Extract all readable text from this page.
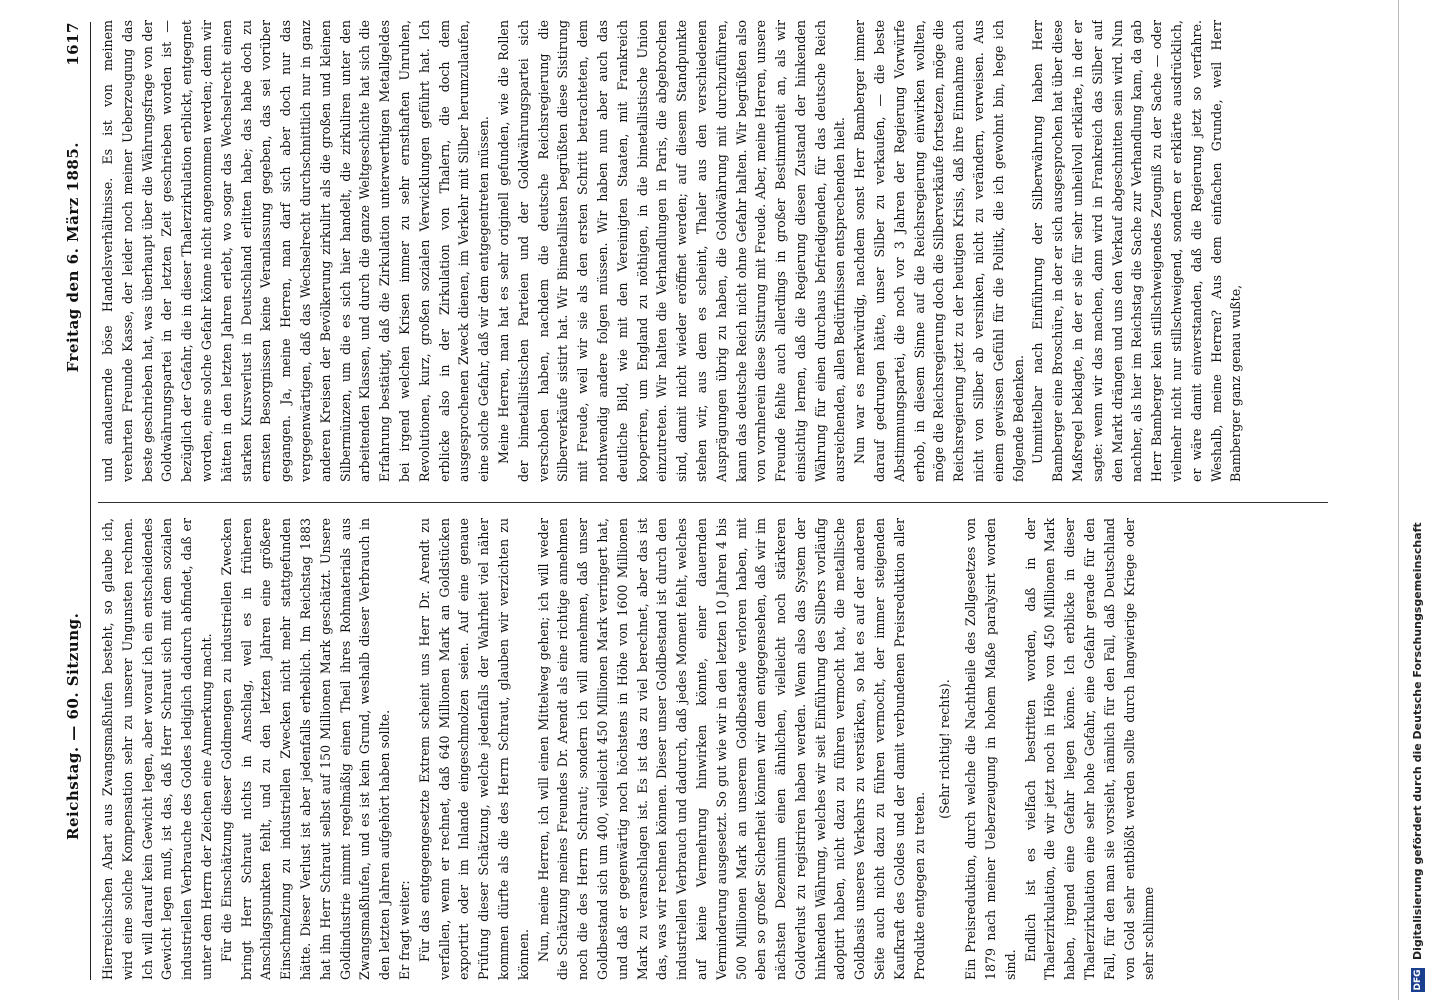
1617
Reichstag. — 60. Sitzung.
Freitag den 6. März 1885.

Hierreichischen Abart aus Zwangsmaßhufen besteht, so glaube ich, wird eine solche Kompensation sehr zu unserer Ungunsten rechnen. Ich will darauf kein Gewicht legen, aber worauf ich ein entscheidendes Gewicht legen muß, ist das, daß Herr Schraut sich mit dem sozialen industriellen Verbrauche des Goldes lediglich dadurch abfindet, daß er unter dem Herrn der Zeichen eine Anmerkung macht. Für die Einschätzung dieser Goldmengen zu industriellen Zwecken bringt Herr Schraut nichts in Anschlag, weil es in früheren Anschlagspunkten fehlt, und zu den letzten Jahren eine größere Einschmelzung zu industriellen Zwecken nicht mehr stattgefunden hätte. Dieser Verlust ist aber jedenfalls erheblich. Im Reichstag 1883 hat ihn Herr Schraut selbst auf 150 Millionen Mark geschätzt. Unsere Goldindustrie nimmt regelmäßig einen Theil ihres Rohmaterials aus Zwangsmaßhufen, und es ist kein Grund, weshalb dieser Verbrauch in den letzten Jahren aufgehört haben sollte. Er fragt weiter: Für das entgegengesetzte Extrem scheint uns Herr Dr. Arendt zu verfallen, wenn er rechnet, daß 640 Millionen Mark an Goldstücken exportirt oder im Inlande eingeschmolzen seien. Auf eine genaue Prüfung dieser Schätzung, welche jedenfalls der Wahrheit viel näher kommen dürfte als die des Herrn Schraut, glauben wir verzichten zu können. Nun, meine Herren, ich will einen Mittelweg gehen; ich will weder die Schätzung meines Freundes Dr. Arendt als eine richtige annehmen noch die des Herrn Schraut; sondern ich will annehmen, daß unser Goldbestand sich um 400, vielleicht 450 Millionen Mark verringert hat, und daß er gegenwärtig noch höchstens in Höhe von 1600 Millionen Mark zu veranschlagen ist. Es ist das zu viel berechnet, aber das ist das, was wir rechnen können. Dieser unser Goldbestand ist durch den industriellen Verbrauch und dadurch, daß jedes Moment fehlt, welches auf keine Vermehrung hinwirken könnte, einer dauernden Verminderung ausgesetzt. So gut wie wir in den letzten 10 Jahren 4 bis 500 Millionen Mark an unserem Goldbestande verloren haben, mit eben so großer Sicherheit können wir dem entgegensehen, daß wir im nächsten Dezennium einen ähnlichen, vielleicht noch stärkeren Goldverlust zu registriren haben werden. Wenn also das System der hinkenden Währung, welches wir seit Einführung des Silbers vorläufig adoptirt haben, nicht dazu zu führen vermocht hat, die metallische Goldbasis unseres Verkehrs zu verstärken, so hat es auf der anderen Seite auch nicht dazu zu führen vermocht, der immer steigenden Kaufkraft des Goldes und der damit verbundenen Preisreduktion aller Produkte entgegen zu treten.

(Sehr richtig! rechts). Ein Preisreduktion, durch welche die Nachtheile des Zollgesetzes von 1879 nach meiner Ueberzeugung in hohem Maße paralysirt worden sind.

Endlich ist es vielfach bestritten worden, daß in der Thalerzirkulation, die wir jetzt noch in Höhe von 450 Millionen Mark haben, irgend eine Gefahr liegen könne. Ich erblicke in dieser Thalerzirkulation eine sehr hohe Gefahr, eine Gefahr gerade für den Fall, für den man sie vorsieht, nämlich für den Fall, daß Deutschland von Gold sehr entblößt werden sollte durch langwierige Kriege oder sehr schlimme

und andauernde böse Handelsverhältnisse. Es ist von meinem verehrten Freunde Kasse, der leider noch meiner Ueberzeugung das beste geschrieben hat, was überhaupt über die Währungsfrage von der Goldwährungspartei in der letzten Zeit geschrieben worden ist — bezüglich der Gefahr, die in dieser Thalerzirkulation erblickt, entgegnet worden, eine solche Gefahr könne nicht angenommen werden; denn wir hätten in den letzten Jahren erlebt, wo sogar das Wechselrecht einen starken Kursverlust in Deutschland erlitten habe; das habe doch zu ernsten Besorgnissen keine Veranlassung gegeben, das sei vorüber gegangen. Ja, meine Herren, man darf sich aber doch nur das vergegenwärtigen, daß das Wechselrecht durchschnittlich nur in ganz anderen Kreisen der Bevölkerung zirkulirt als die großen und kleinen Silbermünzen, um die es sich hier handelt, die zirkuliren unter den arbeitenden Klassen, und durch die ganze Weltgeschichte hat sich die Erfahrung bestätigt, daß die Zirkulation unterwerthigen Metallgeldes bei irgend welchen Krisen immer zu sehr ernsthaften Unruhen, Revolutionen, kurz, großen sozialen Verwicklungen geführt hat. Ich erblicke also in der Zirkulation von Thalern, die doch dem ausgesprochenen Zweck dienen, im Verkehr mit Silber herumzulaufen, eine solche Gefahr, daß wir dem entgegentreten müssen. Meine Herren, man hat es sehr originell gefunden, wie die Rollen der bimetallistischen Parteien und der Goldwährungspartei sich verschoben haben, nachdem die deutsche Reichsregierung die Silberverkäufe sistirt hat. Wir Bimetallisten begrüßten diese Sistirung mit Freude, weil wir sie als den ersten Schritt betrachteten, dem nothwendig andere folgen müssen. Wir haben nun aber auch das deutliche Bild, wie mit den Vereinigten Staaten, mit Frankreich kooperiren, um England zu nöthigen, in die bimetallistische Union einzutreten. Wir halten die Verhandlungen in Paris, die abgebrochen sind, damit nicht wieder eröffnet werden; auf diesem Standpunkte stehen wir, aus dem es scheint, Thaler aus den verschiedenen Ausprägungen übrig zu haben, die Goldwährung mit durchzuführen, kann das deutsche Reich nicht ohne Gefahr halten. Wir begrüßten also von vornherein diese Sistirung mit Freude. Aber, meine Herren, unsere Freunde fehlte auch allerdings in großer Bestimmtheit an, als wir einsichtig lernen, daß die Regierung diesen Zustand der hinkenden Währung für einen durchaus befriedigenden, für das deutsche Reich ausreichenden, allen Bedürfnissen entsprechenden hielt. Nun war es merkwürdig, nachdem sonst Herr Bamberger immer darauf gedrungen hätte, unser Silber zu verkaufen, — die beste Abstimmungspartei, die noch vor 3 Jahren der Regierung Vorwürfe erhob, in diesem Sinne auf die Reichsregierung einwirken wollten, möge die Reichsregierung doch die Silberverkäufe fortsetzen, möge die Reichsregierung jetzt zu der heutigen Krisis, daß ihre Einnahme auch nicht von Silber ab versinken, nicht zu verändern, verweisen. Aus einem gewissen Gefühl für die Politik, die ich gewohnt bin, hege ich folgende Bedenken. Unmittelbar nach Einführung der Silberwährung haben Herr Bamberger eine Broschüre, in der er sich ausgesprochen hat über diese Maßregel beklagte, in der er sie für sehr unheilvoll erklärte, in der er sagte: wenn wir das machen, dann wird in Frankreich das Silber auf den Markt drängen und uns den Verkauf abgeschnitten sein wird. Nun nachher, als hier im Reichstag die Sache zur Verhandlung kam, da gab Herr Bamberger kein stillschweigendes Zeugniß zu der Sache — oder vielmehr nicht nur stillschweigend, sondern er erklärte ausdrücklich, er wäre damit einverstanden, daß die Regierung jetzt so verfahre. Weshalb, meine Herren? Aus dem einfachen Grunde, weil Herr Bamberger ganz genau wußte,

DFG
Digitalisierung gefördert durch die Deutsche Forschungsgemeinschaft
